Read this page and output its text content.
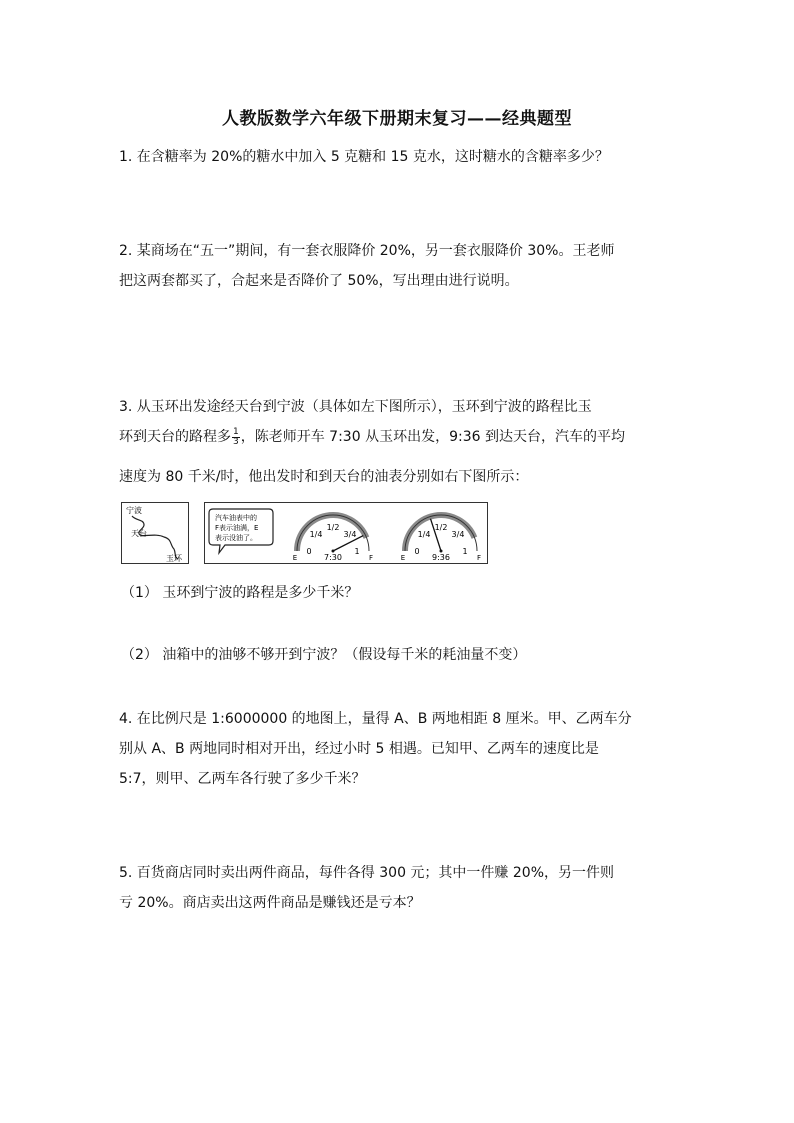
人教版数学六年级下册期末复习——经典题型
1. 在含糖率为 20%的糖水中加入 5 克糖和 15 克水，这时糖水的含糖率多少？
2. 某商场在“五一”期间，有一套衣服降价 20%，另一套衣服降价 30%。王老师
把这两套都买了，合起来是否降价了 50%，写出理由进行说明。
3. 从玉环出发途经天台到宁波（具体如左下图所示），玉环到宁波的路程比玉
环到天台的路程多 $\frac{1}{3}$ ，陈老师开车 7:30 从玉环出发，9:36 到达天台，汽车的平均
速度为 80 千米/时，他出发时和到天台的油表分别如右下图所示：
宁波
天台
玉环
汽车油表中的
F表示油满，E
表示没油了。
0
1/4
1/2
3/4
1
E	F
7:30
0
1/4
1/2
3/4
1
E	F
9:36
（1） 玉环到宁波的路程是多少千米？
（2） 油箱中的油够不够开到宁波？（假设每千米的耗油量不变）
4. 在比例尺是 1:6000000 的地图上，量得 A、B 两地相距 8 厘米。甲、乙两车分
别从 A、B 两地同时相对开出，经过小时 5 相遇。已知甲、乙两车的速度比是
5:7，则甲、乙两车各行驶了多少千米？
5. 百货商店同时卖出两件商品，每件各得 300 元；其中一件赚 20%，另一件则
亏 20%。商店卖出这两件商品是赚钱还是亏本？
